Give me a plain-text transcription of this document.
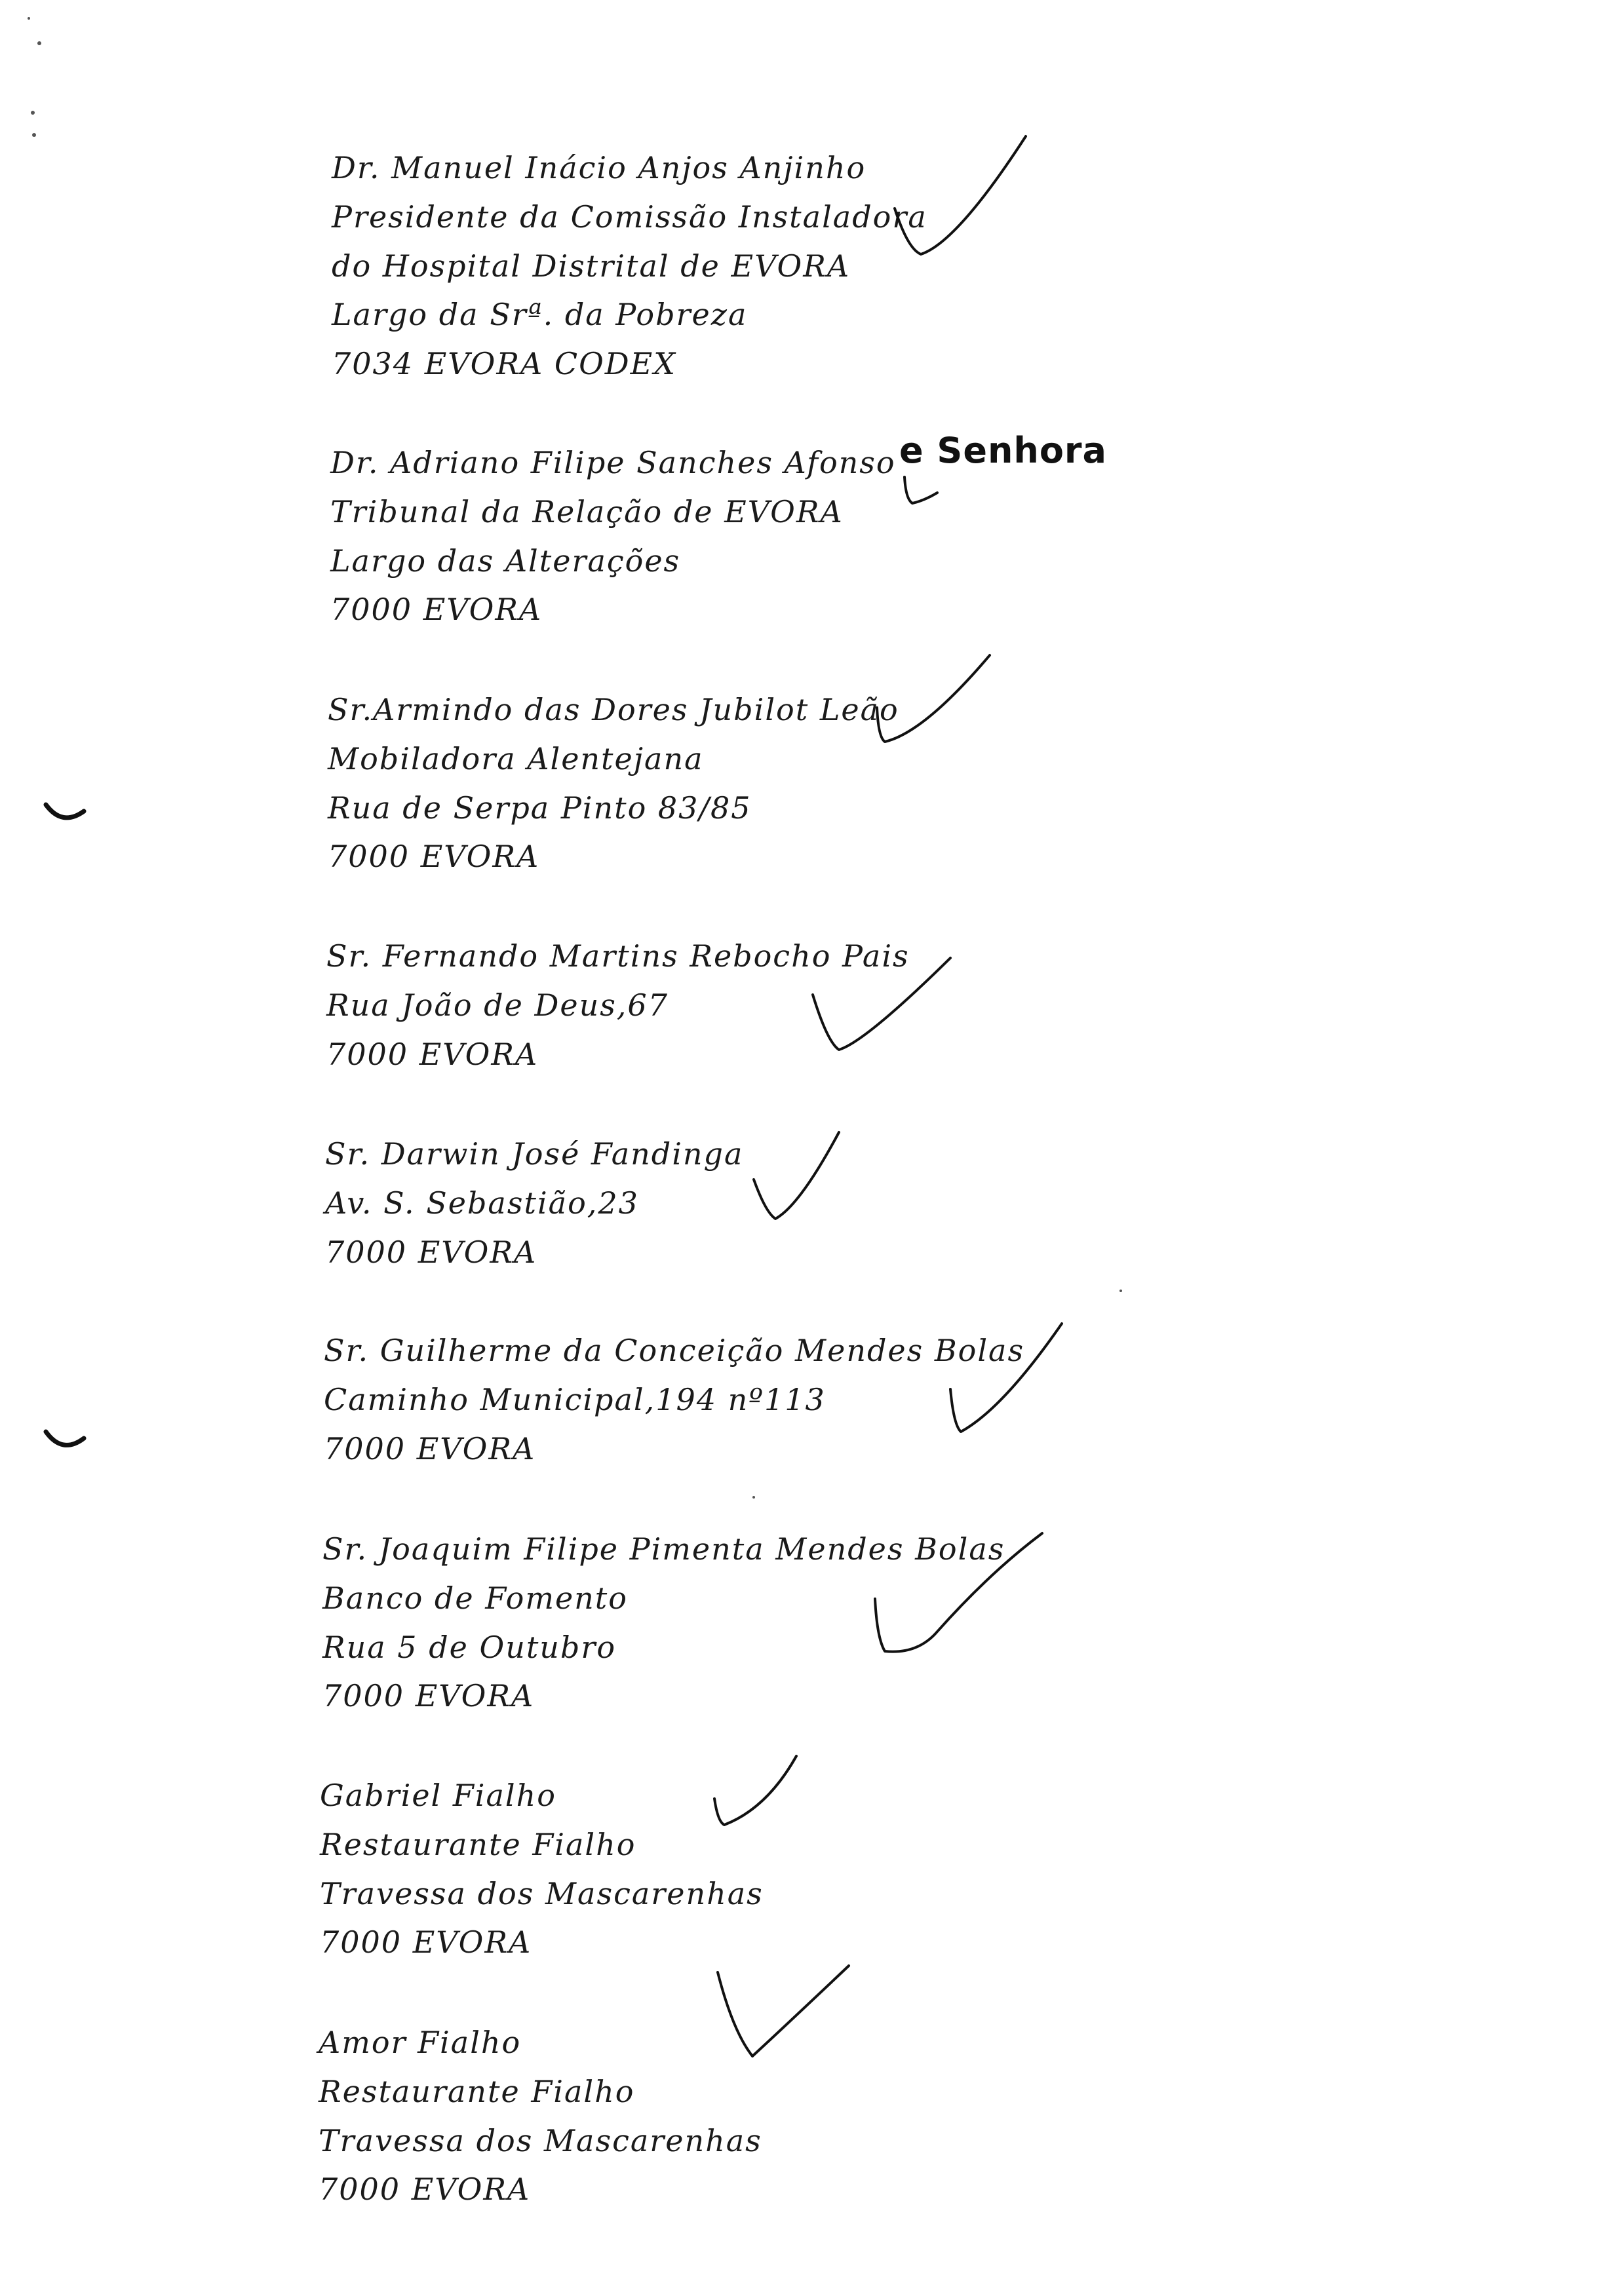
Dr. Manuel Inácio Anjos Anjinho
Presidente da Comissão Instaladora
do Hospital Distrital de EVORA
Largo da Srª. da Pobreza
7034 EVORA CODEX
Dr. Adriano Filipe Sanches Afonso
Tribunal da Relação de EVORA
Largo das Alterações
7000 EVORA
Sr.Armindo das Dores Jubilot Leão
Mobiladora Alentejana
Rua de Serpa Pinto 83/85
7000 EVORA
Sr. Fernando Martins Rebocho Pais
Rua João de Deus,67
7000 EVORA
Sr. Darwin José Fandinga
Av. S. Sebastião,23
7000 EVORA
Sr. Guilherme da Conceição Mendes Bolas
Caminho Municipal,194 nº113
7000 EVORA
Sr. Joaquim Filipe Pimenta Mendes Bolas
Banco de Fomento
Rua 5 de Outubro
7000 EVORA
Gabriel Fialho
Restaurante Fialho
Travessa dos Mascarenhas
7000 EVORA
Amor Fialho
Restaurante Fialho
Travessa dos Mascarenhas
7000 EVORA
e Senhora
